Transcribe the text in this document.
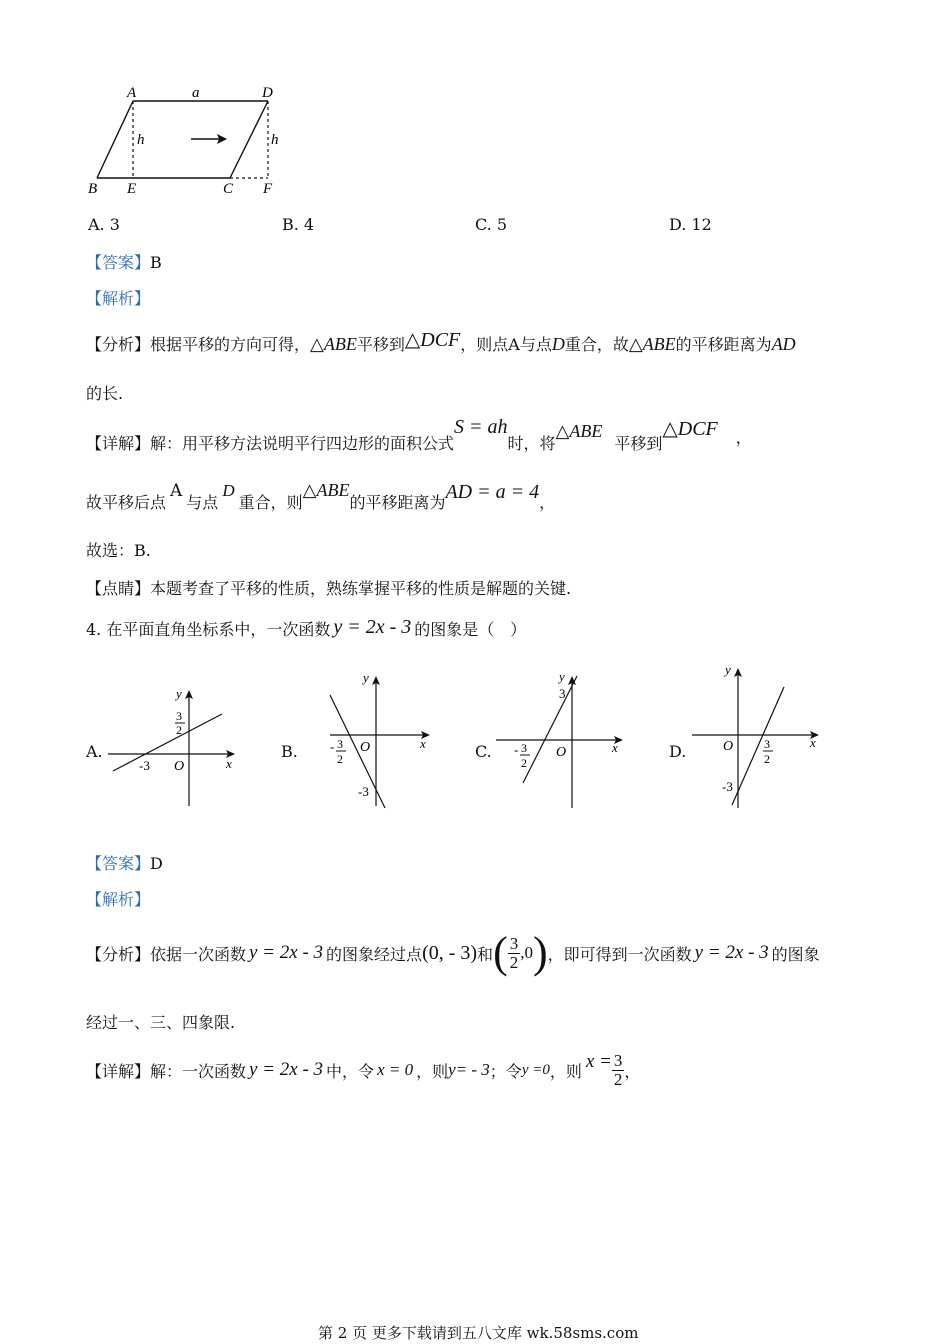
A	a	D
h	h
B E	C F
A. 3	B. 4	C. 5	D. 12
【答案】B
【解析】
【分析】根据平移的方向可得，△ABE平移到△DCF，则点A与点D重合，故△ABE的平移距离为AD
的长.
【详解】解：用平移方法说明平行四边形的面积公式S = ah时，将△ABE平移到△DCF ，
故平移后点A与点D重合，则△ABE的平移距离为AD = a = 4，
故选：B.
【点睛】本题考查了平移的性质，熟练掌握平移的性质是解题的关键.
4. 在平面直角坐标系中，一次函数 y = 2x - 3 的图象是（　）
A.	B.	C.	D.
y
x
O
-3
3
2
y
x
O
- 3
2
-3
y
x
O
3
- 3
2
y
x
O	3
2
-3
【答案】D
【解析】
【分析】 依据一次函数 y = 2x - 3 的图象经过点 (0, - 3) 和 ( $\frac{3}{2} ,0$ ) ，即可得到一次函数 y = 2x - 3 的图象
经过一、三、四象限.
【详解】 解：一次函数 y = 2x - 3 中，令 x = 0 ，则 y= - 3 ；令 y =0 ，则 $x = \frac{3}{2}$ ，
第 2 页 更多下载请到五八文库 wk.58sms.com
